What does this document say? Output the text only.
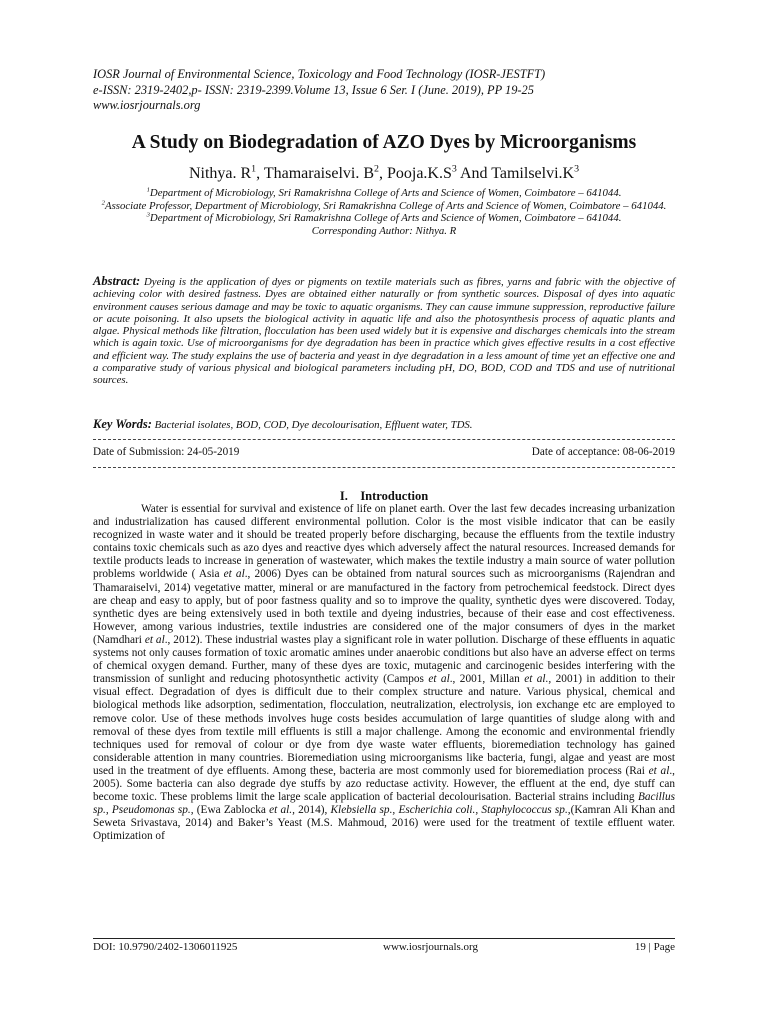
IOSR Journal of Environmental Science, Toxicology and Food Technology (IOSR-JESTFT)
e-ISSN: 2319-2402,p- ISSN: 2319-2399.Volume 13, Issue 6 Ser. I (June. 2019), PP 19-25
www.iosrjournals.org
A Study on Biodegradation of AZO Dyes by Microorganisms
Nithya. $R^1$, Thamaraiselvi. $B^2$, $Pooja.K.S^3$ And $Tamilselvi.K^3$
$^1$Department of Microbiology, Sri Ramakrishna College of Arts and Science of Women, Coimbatore – 641044.
$^2$Associate Professor, Department of Microbiology, Sri Ramakrishna College of Arts and Science of Women, Coimbatore – 641044.
$^3$Department of Microbiology, Sri Ramakrishna College of Arts and Science of Women, Coimbatore – 641044.
Corresponding Author: Nithya. R
Abstract: Dyeing is the application of dyes or pigments on textile materials such as fibres, yarns and fabric with the objective of achieving color with desired fastness. Dyes are obtained either naturally or from synthetic sources. Disposal of dyes into aquatic environment causes serious damage and may be toxic to aquatic organisms. They can cause immune suppression, reproductive failure or acute poisoning. It also upsets the biological activity in aquatic life and also the photosynthesis process of aquatic plants and algae. Physical methods like filtration, flocculation has been used widely but it is expensive and discharges chemicals into the stream which is again toxic. Use of microorganisms for dye degradation has been in practice which gives effective results in a cost effective and efficient way. The study explains the use of bacteria and yeast in dye degradation in a less amount of time yet an effective one and a comparative study of various physical and biological parameters including pH, DO, BOD, COD and TDS and use of nutritional sources.
Key Words: Bacterial isolates, BOD, COD, Dye decolourisation, Effluent water, TDS.
Date of Submission: 24-05-2019	Date of acceptance: 08-06-2019
I.    Introduction

Water is essential for survival and existence of life on planet earth. Over the last few decades increasing urbanization and industrialization has caused different environmental pollution. Color is the most visible indicator that can be easily recognized in waste water and it should be treated properly before discharging, because the effluents from the textile industry contains toxic chemicals such as azo dyes and reactive dyes which adversely affect the natural resources. Increased demands for textile products leads to increase in generation of wastewater, which makes the textile industry a main source of water pollution problems worldwide ( Asia et al., 2006) Dyes can be obtained from natural sources such as microorganisms (Rajendran and Thamaraiselvi, 2014) vegetative matter, mineral or are manufactured in the factory from petrochemical feedstock. Direct dyes are cheap and easy to apply, but of poor fastness quality and so to improve the quality, synthetic dyes were discovered. Today, synthetic dyes are being extensively used in both textile and dyeing industries, because of their ease and cost effectiveness. However, among various industries, textile industries are considered one of the major consumers of dyes in the market (Namdhari et al., 2012). These industrial wastes play a significant role in water pollution. Discharge of these effluents in aquatic systems not only causes formation of toxic aromatic amines under anaerobic conditions but also have an adverse effect on terms of chemical oxygen demand. Further, many of these dyes are toxic, mutagenic and carcinogenic besides interfering with the transmission of sunlight and reducing photosynthetic activity (Campos et al., 2001, Millan et al., 2001) in addition to their visual effect. Degradation of dyes is difficult due to their complex structure and nature. Various physical, chemical and biological methods like adsorption, sedimentation, flocculation, neutralization, electrolysis, ion exchange etc are employed to remove color. Use of these methods involves huge costs besides accumulation of large quantities of sludge along with and removal of these dyes from textile mill effluents is still a major challenge. Among the economic and environmental friendly techniques used for removal of colour or dye from dye waste water effluents, bioremediation technology has gained considerable attention in many countries. Bioremediation using microorganisms like bacteria, fungi, algae and yeast are most used in the treatment of dye effluents. Among these, bacteria are most commonly used for bioremediation process (Rai et al., 2005). Some bacteria can also degrade dye stuffs by azo reductase activity. However, the effluent at the end, dye stuff can become toxic. These problems limit the large scale application of bacterial decolourisation. Bacterial strains including Bacillus sp., Pseudomonas sp., (Ewa Zablocka et al., 2014), Klebsiella sp., Escherichia coli., Staphylococcus sp.,(Kamran Ali Khan and Seweta Srivastava, 2014) and Baker’s Yeast (M.S. Mahmoud, 2016) were used for the treatment of textile effluent water. Optimization of

DOI: 10.9790/2402-1306011925	www.iosrjournals.org	19 | Page
